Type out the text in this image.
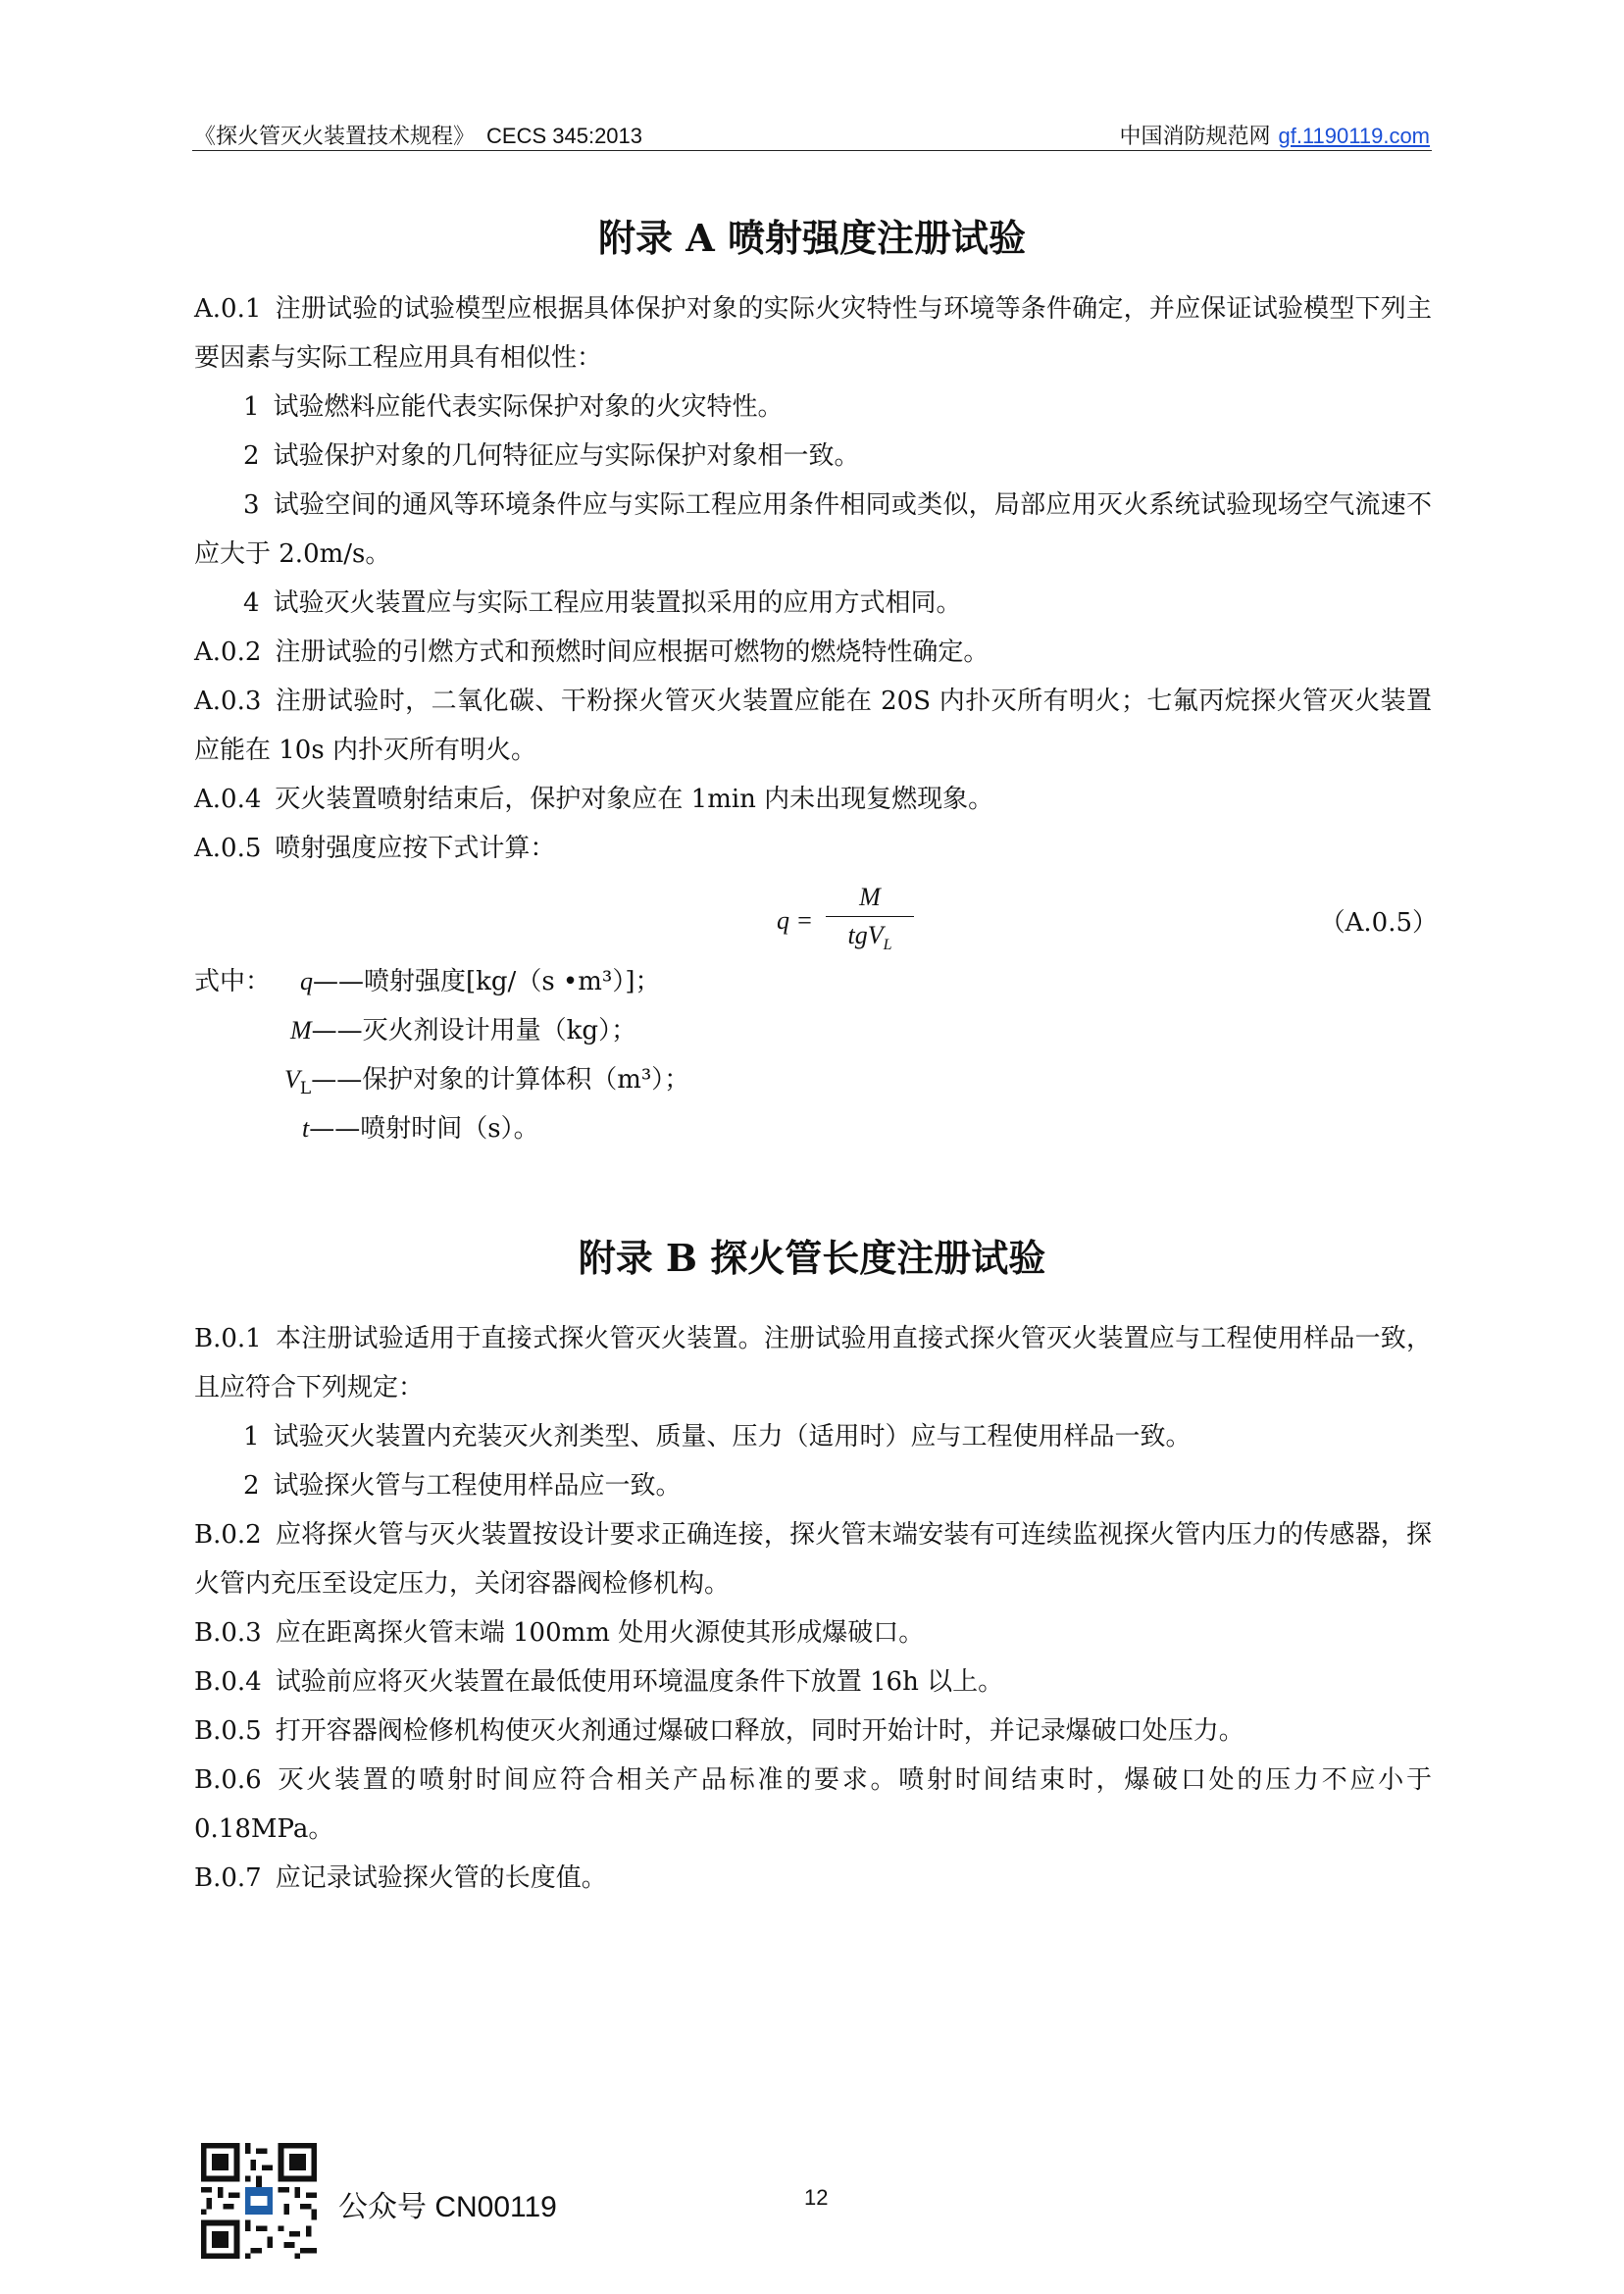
《探火管灭火装置技术规程》 CECS 345:2013	中国消防规范网 gf.1190119.com
附录 A 喷射强度注册试验
A.0.1 注册试验的试验模型应根据具体保护对象的实际火灾特性与环境等条件确定，并应保证试验模型下列主要因素与实际工程应用具有相似性：
1 试验燃料应能代表实际保护对象的火灾特性。
2 试验保护对象的几何特征应与实际保护对象相一致。
3 试验空间的通风等环境条件应与实际工程应用条件相同或类似，局部应用灭火系统试验现场空气流速不应大于 2.0m/s。
4 试验灭火装置应与实际工程应用装置拟采用的应用方式相同。
A.0.2 注册试验的引燃方式和预燃时间应根据可燃物的燃烧特性确定。
A.0.3 注册试验时，二氧化碳、干粉探火管灭火装置应能在 20S 内扑灭所有明火；七氟丙烷探火管灭火装置应能在 10s 内扑灭所有明火。
A.0.4 灭火装置喷射结束后，保护对象应在 1min 内未出现复燃现象。
A.0.5 喷射强度应按下式计算：
q =
M
tgV$_L$
（A.0.5）
式中： q——喷射强度[kg/（s •m³）]；
M——灭火剂设计用量（kg）；
$V_L——$保护对象的计算体积（m³）；
t——喷射时间（s）。
附录 B 探火管长度注册试验
B.0.1 本注册试验适用于直接式探火管灭火装置。注册试验用直接式探火管灭火装置应与工程使用样品一致，且应符合下列规定：
1 试验灭火装置内充装灭火剂类型、质量、压力（适用时）应与工程使用样品一致。
2 试验探火管与工程使用样品应一致。
B.0.2 应将探火管与灭火装置按设计要求正确连接，探火管末端安装有可连续监视探火管内压力的传感器，探火管内充压至设定压力，关闭容器阀检修机构。
B.0.3 应在距离探火管末端 100mm 处用火源使其形成爆破口。
B.0.4 试验前应将灭火装置在最低使用环境温度条件下放置 16h 以上。
B.0.5 打开容器阀检修机构使灭火剂通过爆破口释放，同时开始计时，并记录爆破口处压力。
B.0.6 灭火装置的喷射时间应符合相关产品标准的要求。喷射时间结束时，爆破口处的压力不应小于 0.18MPa。
B.0.7 应记录试验探火管的长度值。
公众号 CN00119	12
